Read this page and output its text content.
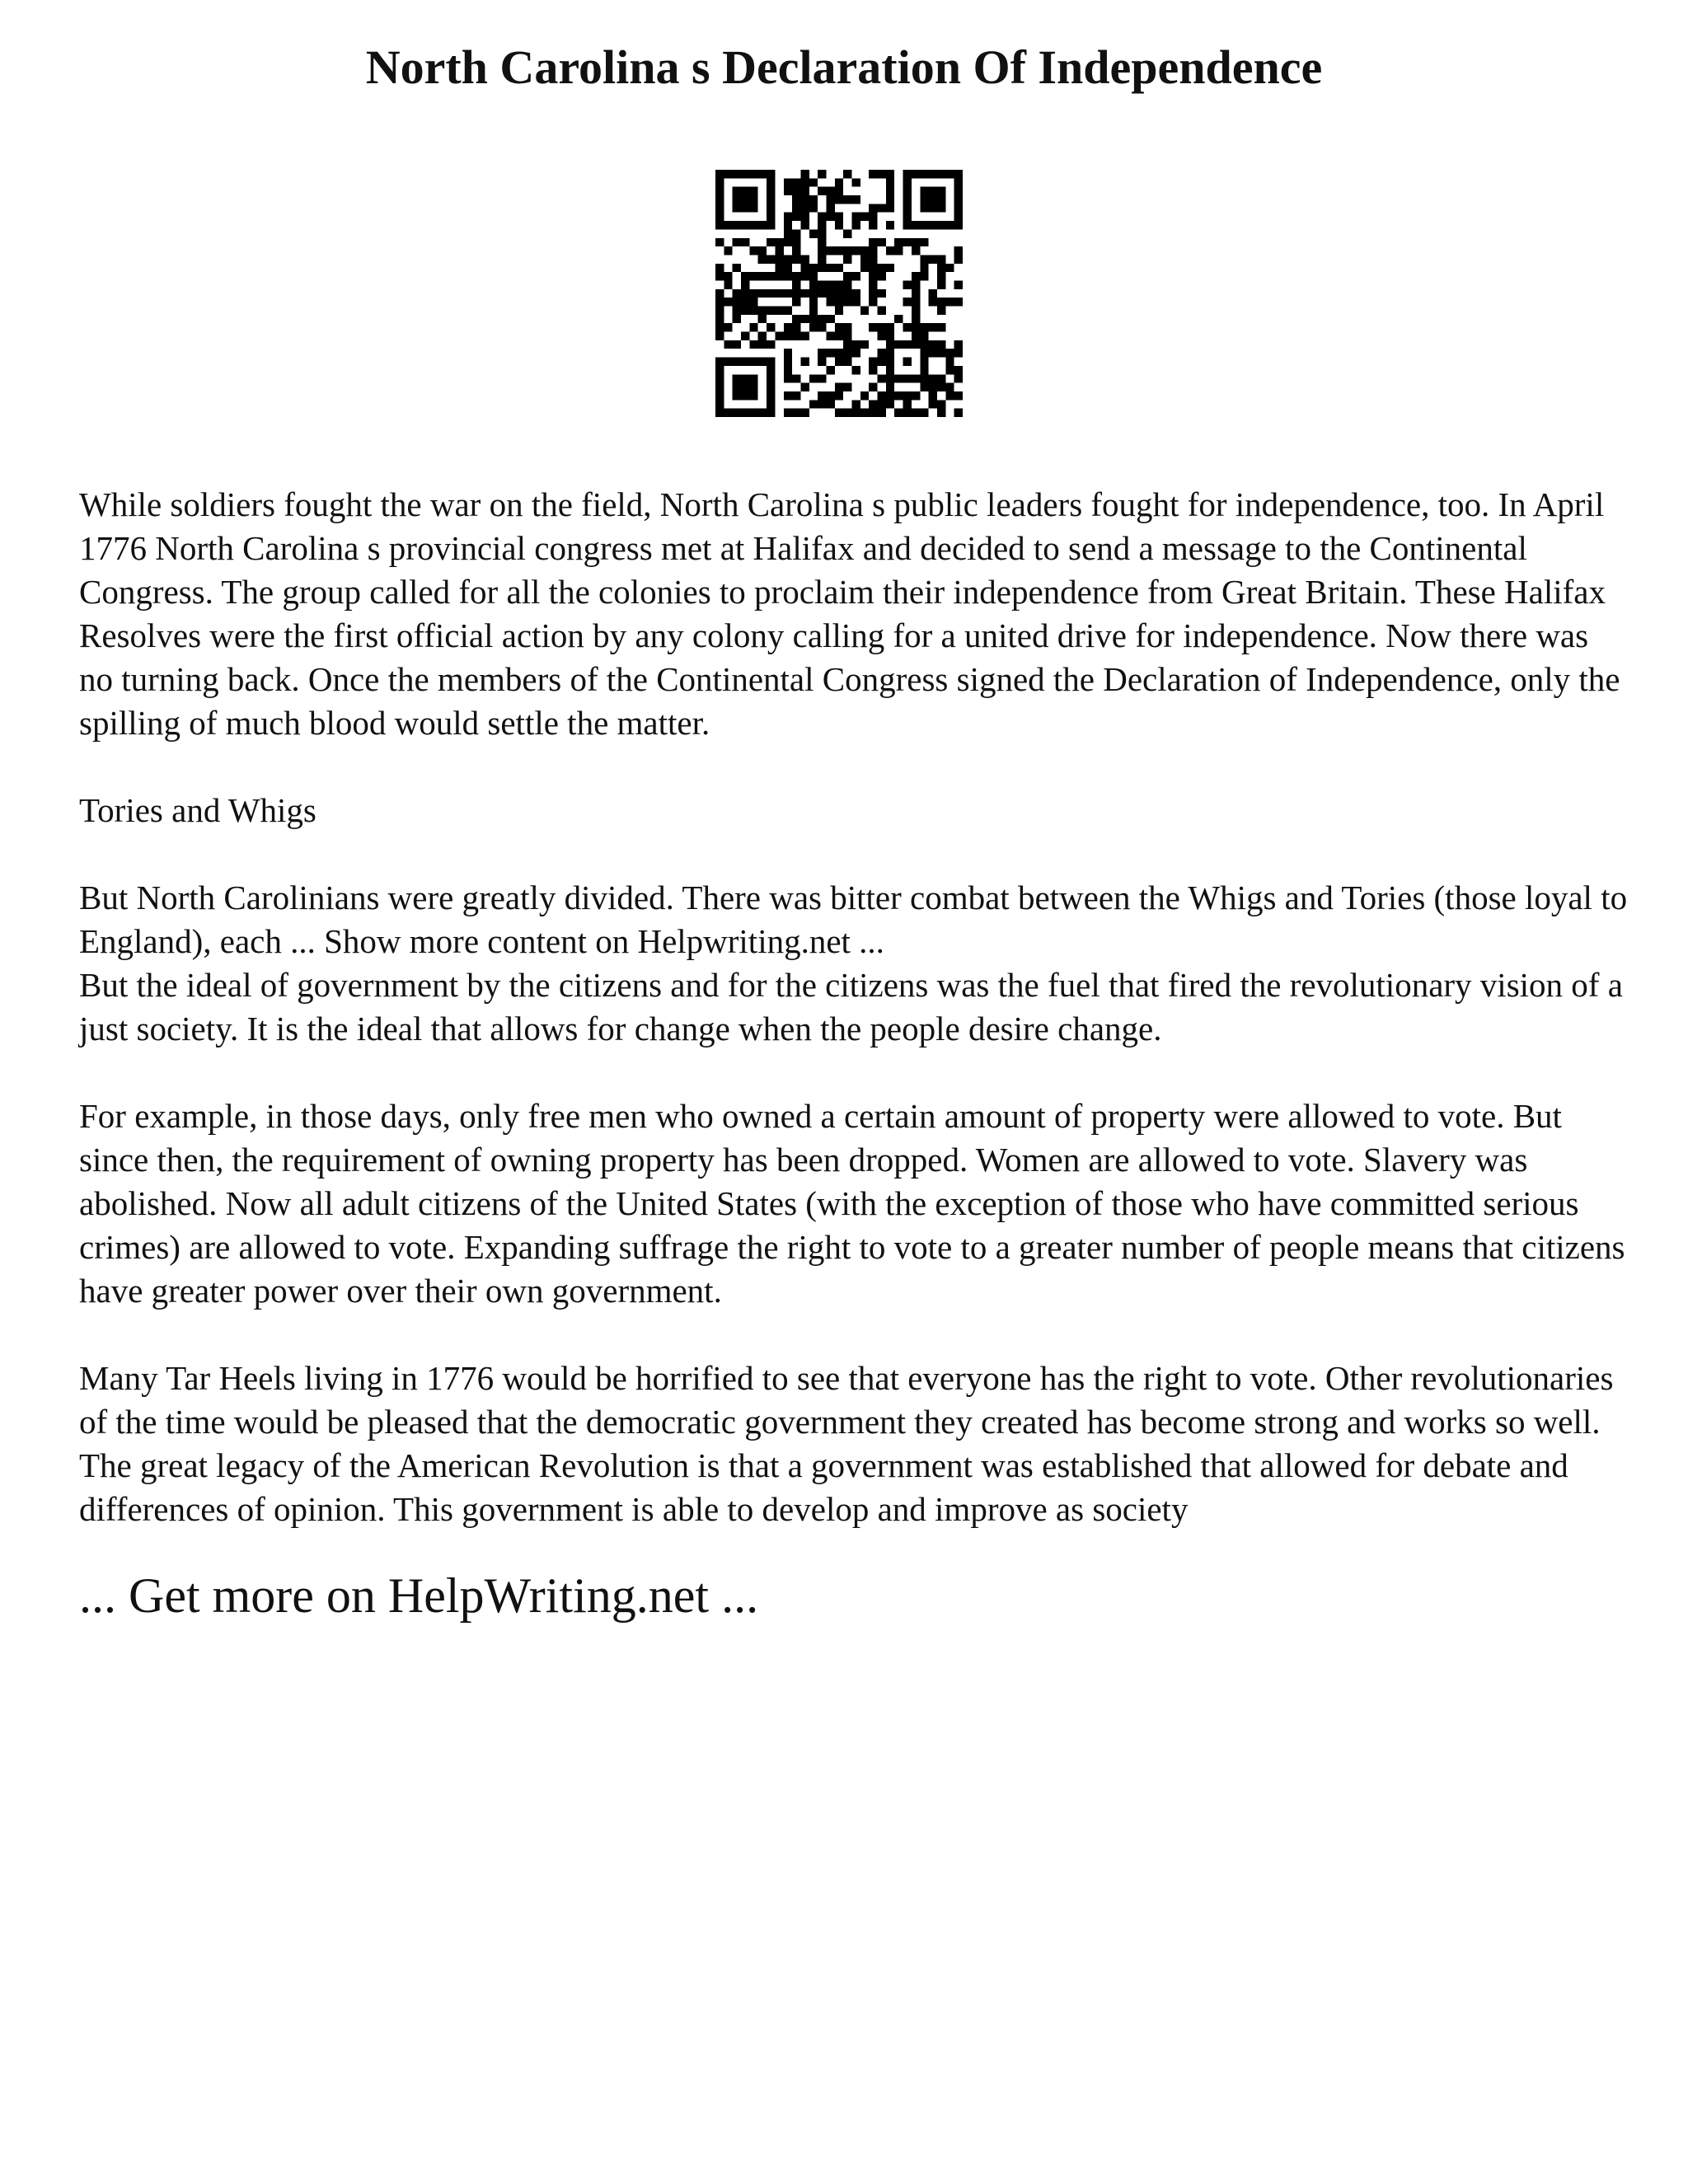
North Carolina s Declaration Of Independence

While soldiers fought the war on the field, North Carolina s public leaders fought for independence, too. In April 1776 North Carolina s provincial congress met at Halifax and decided to send a message to the Continental Congress. The group called for all the colonies to proclaim their independence from Great Britain. These Halifax Resolves were the first official action by any colony calling for a united drive for independence. Now there was no turning back. Once the members of the Continental Congress signed the Declaration of Independence, only the spilling of much blood would settle the matter.

Tories and Whigs

But North Carolinians were greatly divided. There was bitter combat between the Whigs and Tories (those loyal to England), each ... Show more content on Helpwriting.net ...

But the ideal of government by the citizens and for the citizens was the fuel that fired the revolutionary vision of a just society. It is the ideal that allows for change when the people desire change.

For example, in those days, only free men who owned a certain amount of property were allowed to vote. But since then, the requirement of owning property has been dropped. Women are allowed to vote. Slavery was abolished. Now all adult citizens of the United States (with the exception of those who have committed serious crimes) are allowed to vote. Expanding suffrage the right to vote to a greater number of people means that citizens have greater power over their own government.

Many Tar Heels living in 1776 would be horrified to see that everyone has the right to vote. Other revolutionaries of the time would be pleased that the democratic government they created has become strong and works so well. The great legacy of the American Revolution is that a government was established that allowed for debate and differences of opinion. This government is able to develop and improve as society

... Get more on HelpWriting.net ...
